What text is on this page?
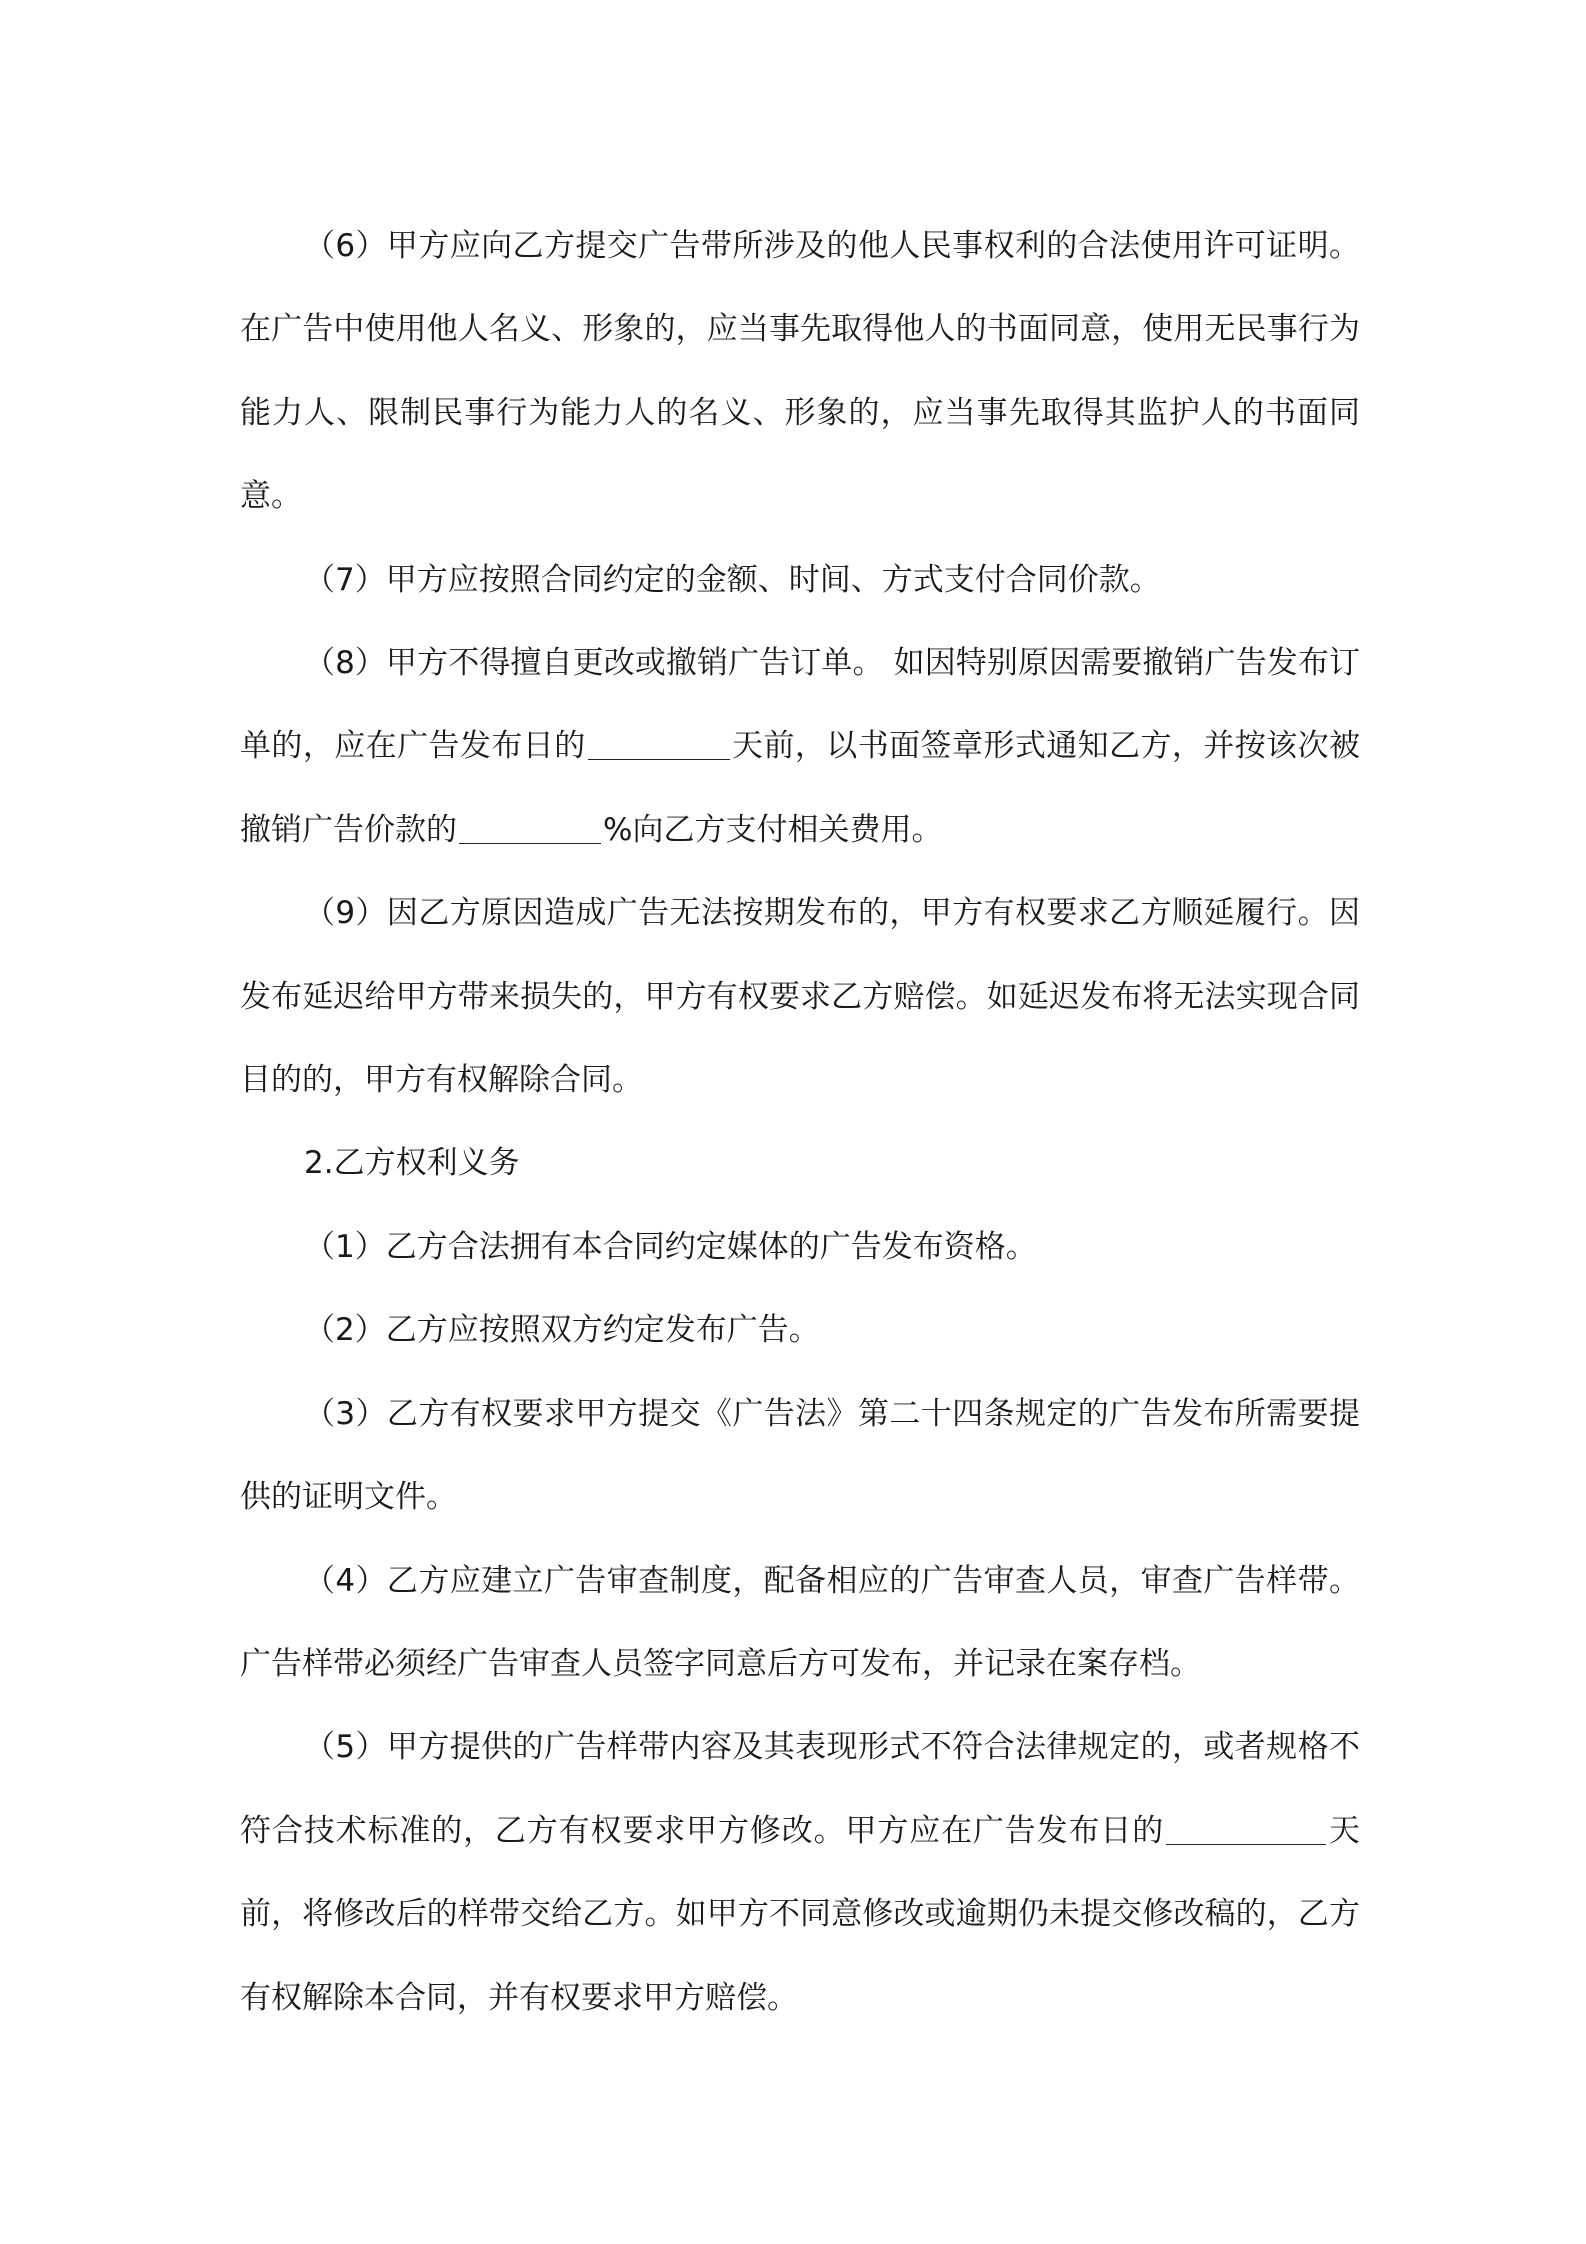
（6）甲方应向乙方提交广告带所涉及的他人民事权利的合法使用许可证明。在广告中使用他人名义、形象的，应当事先取得他人的书面同意，使用无民事行为能力人、限制民事行为能力人的名义、形象的，应当事先取得其监护人的书面同意。

（7）甲方应按照合同约定的金额、时间、方式支付合同价款。

（8）甲方不得擅自更改或撤销广告订单。 如因特别原因需要撤销广告发布订单的，应在广告发布日的	天前，以书面签章形式通知乙方，并按该次被撤销广告价款的	%向乙方支付相关费用。

（9）因乙方原因造成广告无法按期发布的，甲方有权要求乙方顺延履行。因发布延迟给甲方带来损失的，甲方有权要求乙方赔偿。如延迟发布将无法实现合同目的的，甲方有权解除合同。

2.乙方权利义务

（1）乙方合法拥有本合同约定媒体的广告发布资格。

（2）乙方应按照双方约定发布广告。

（3）乙方有权要求甲方提交《广告法》第二十四条规定的广告发布所需要提供的证明文件。

（4）乙方应建立广告审查制度，配备相应的广告审查人员，审查广告样带。广告样带必须经广告审查人员签字同意后方可发布，并记录在案存档。

（5）甲方提供的广告样带内容及其表现形式不符合法律规定的，或者规格不符合技术标准的，乙方有权要求甲方修改。甲方应在广告发布日的	天前，将修改后的样带交给乙方。如甲方不同意修改或逾期仍未提交修改稿的，乙方有权解除本合同，并有权要求甲方赔偿。
